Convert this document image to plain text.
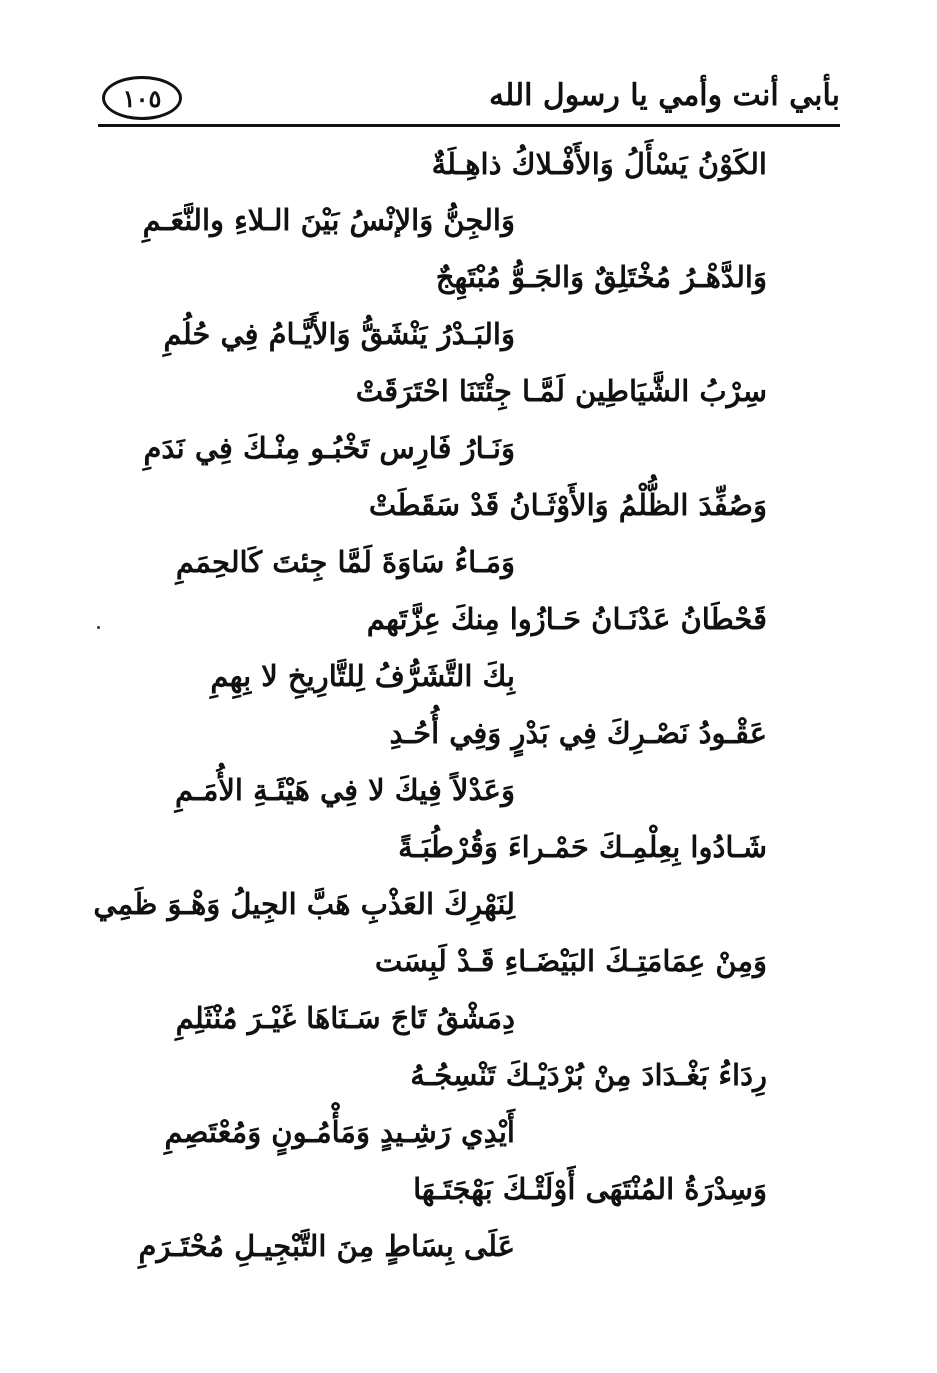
بأبي أنت وأمي يا رسول الله
١٠٥
الكَوْنُ يَسْأَلُ وَالأَفْـلاكُ ذاهِـلَةٌ
وَالجِنُّ وَالإنْسُ بَيْنَ الـلاءِ والنَّعَـمِ
وَالدَّهْـرُ مُخْتَلِقٌ وَالجَـوُّ مُبْتَهِجٌ
وَالبَـدْرُ يَنْشَقُّ وَالأَيَّـامُ فِي حُلُمِ
سِرْبُ الشَّيَاطِين لَمَّـا جِئْتَنَا احْتَرَقَتْ
وَنَـارُ فَارِس تَخْبُـو مِنْـكَ فِي نَدَمِ
وَصُفِّدَ الظُّلْمُ وَالأَوْثَـانُ قَدْ سَقَطَتْ
وَمَـاءُ سَاوَةَ لَمَّا جِئتَ كَالحِمَمِ
قَحْطَانُ عَدْنَـانُ حَـازُوا مِنكَ عِزَّتَهم
بِكَ التَّشَرُّفُ لِلتَّارِيخِ لا بِهِمِ
عَقْـودُ نَصْـرِكَ فِي بَدْرٍ وَفِي أُحُـدِ
وَعَدْلاً فِيكَ لا فِي هَيْئَـةِ الأُمَـمِ
شَـادُوا بِعِلْمِـكَ حَمْـراءَ وَقُرْطُبَـةً
لِنَهْرِكَ العَذْبِ هَبَّ الجِيلُ وَهْـوَ ظَمِي
وَمِنْ عِمَامَتِـكَ البَيْضَـاءِ قَـدْ لَبِسَت
دِمَشْقُ تَاجَ سَـنَاهَا غَيْـرَ مُنْثَلِمِ
رِدَاءُ بَغْـدَادَ مِنْ بُرْدَيْـكَ تَنْسِجُـهُ
أَيْدِي رَشِـيدٍ وَمَأْمُـونٍ وَمُعْتَصِمِ
وَسِدْرَةُ المُنْتَهَى أَوْلَتْـكَ بَهْجَتَـهَا
عَلَى بِسَاطٍ مِنَ التَّبْجِيـلِ مُحْتَـرَمِ
